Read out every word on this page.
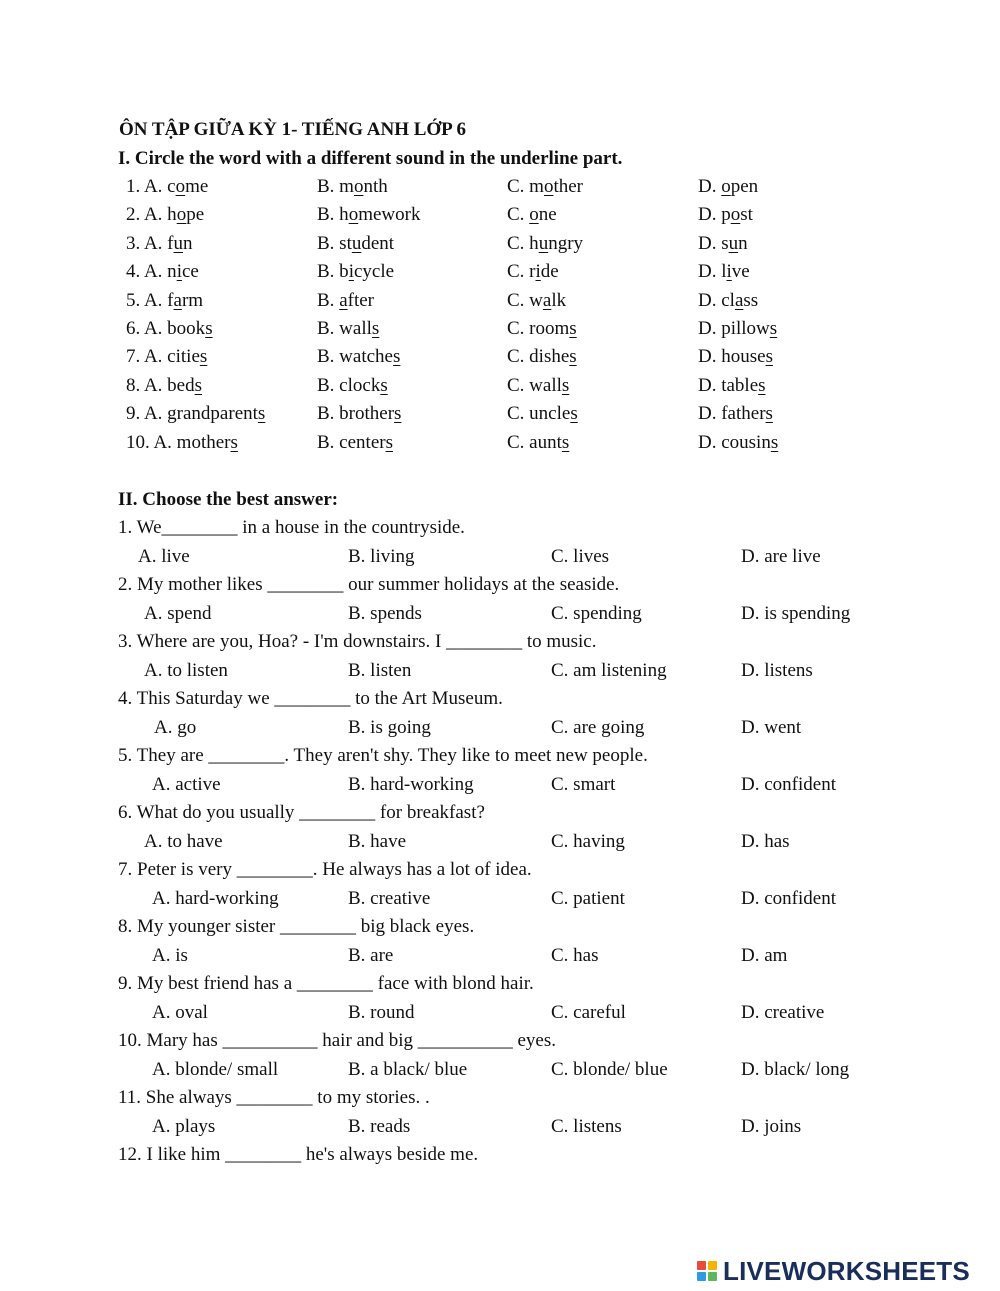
ÔN TẬP GIỮA KỲ 1- TIẾNG ANH LỚP 6
I. Circle the word with a different sound in the underline part.
1. A. come	B. month	C. mother	D. open
2. A. hope	B. homework	C. one	D. post
3. A. fun	B. student	C. hungry	D. sun
4. A. nice	B. bicycle	C. ride	D. live
5. A. farm	B. after	C. walk	D. class
6. A. books	B. walls	C. rooms	D. pillows
7. A. cities	B. watches	C. dishes	D. houses
8. A. beds	B. clocks	C. walls	D. tables
9. A. grandparents	B. brothers	C. uncles	D. fathers
10. A. mothers	B. centers	C. aunts	D. cousins
II. Choose the best answer:
1. We________ in a house in the countryside.
A. live	B. living	C. lives	D. are live
2. My mother likes ________ our summer holidays at the seaside.
A. spend	B. spends	C. spending	D. is spending
3. Where are you, Hoa? - I'm downstairs. I ________ to music.
A. to listen	B. listen	C. am listening	D. listens
4. This Saturday we ________ to the Art Museum.
A. go	B. is going	C. are going	D. went
5. They are ________. They aren't shy. They like to meet new people.
A. active	B. hard-working	C. smart	D. confident
6. What do you usually ________ for breakfast?
A. to have	B. have	C. having	D. has
7. Peter is very ________. He always has a lot of idea.
A. hard-working	B. creative	C. patient	D. confident
8. My younger sister ________ big black eyes.
A. is	B. are	C. has	D. am
9. My best friend has a ________ face with blond hair.
A. oval	B. round	C. careful	D. creative
10. Mary has __________ hair and big __________ eyes.
A. blonde/ small	B. a black/ blue	C. blonde/ blue	D. black/ long
11. She always ________ to my stories. .
A. plays	B. reads	C. listens	D. joins
12. I like him ________ he's always beside me.
LIVEWORKSHEETS
